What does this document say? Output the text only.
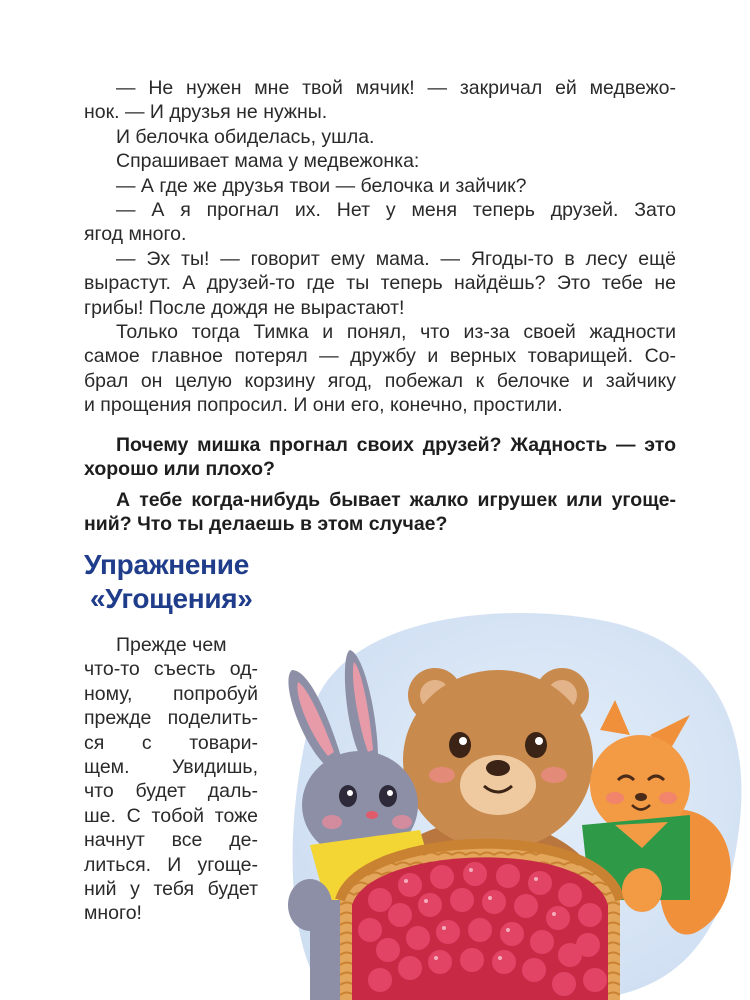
— Не нужен мне твой мячик! — закричал ей медвежо-
нок. — И друзья не нужны.
И белочка обиделась, ушла.
Спрашивает мама у медвежонка:
— А где же друзья твои — белочка и зайчик?
— А я прогнал их. Нет у меня теперь друзей. Зато
ягод много.
— Эх ты! — говорит ему мама. — Ягоды-то в лесу ещё
вырастут. А друзей-то где ты теперь найдёшь? Это тебе не
грибы! После дождя не вырастают!
Только тогда Тимка и понял, что из-за своей жадности
самое главное потерял — дружбу и верных товарищей. Со-
брал он целую корзину ягод, побежал к белочке и зайчику
и прощения попросил. И они его, конечно, простили.
Почему мишка прогнал своих друзей? Жадность — это
хорошо или плохо?
А тебе когда-нибудь бывает жалко игрушек или угоще-
ний? Что ты делаешь в этом случае?
Упражнение
«Угощения»
Прежде чем
что-то съесть од-
ному, попробуй
прежде поделить-
ся с товари-
щем. Увидишь,
что будет даль-
ше. С тобой тоже
начнут все де-
литься. И угоще-
ний у тебя будет
много!
